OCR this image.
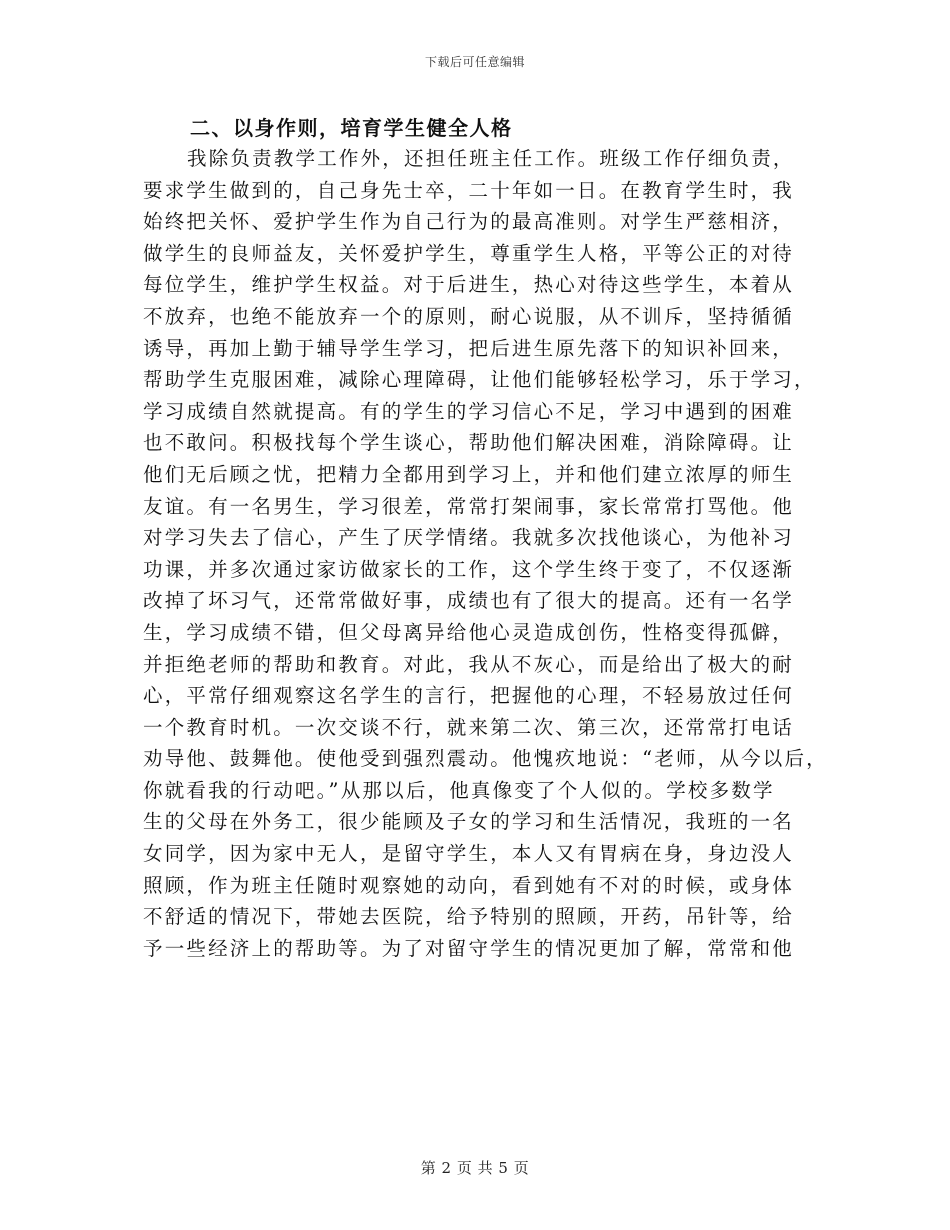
下载后可任意编辑
二、以身作则，培育学生健全人格
我除负责教学工作外，还担任班主任工作。班级工作仔细负责，
要求学生做到的，自己身先士卒，二十年如一日。在教育学生时，我
始终把关怀、爱护学生作为自己行为的最高准则。对学生严慈相济，
做学生的良师益友，关怀爱护学生，尊重学生人格，平等公正的对待
每位学生，维护学生权益。对于后进生，热心对待这些学生，本着从
不放弃，也绝不能放弃一个的原则，耐心说服，从不训斥，坚持循循
诱导，再加上勤于辅导学生学习，把后进生原先落下的知识补回来，
帮助学生克服困难，减除心理障碍，让他们能够轻松学习，乐于学习，
学习成绩自然就提高。有的学生的学习信心不足，学习中遇到的困难
也不敢问。积极找每个学生谈心，帮助他们解决困难，消除障碍。让
他们无后顾之忧，把精力全都用到学习上，并和他们建立浓厚的师生
友谊。有一名男生，学习很差，常常打架闹事，家长常常打骂他。他
对学习失去了信心，产生了厌学情绪。我就多次找他谈心，为他补习
功课，并多次通过家访做家长的工作，这个学生终于变了，不仅逐渐
改掉了坏习气，还常常做好事，成绩也有了很大的提高。还有一名学
生，学习成绩不错，但父母离异给他心灵造成创伤，性格变得孤僻，
并拒绝老师的帮助和教育。对此，我从不灰心，而是给出了极大的耐
心，平常仔细观察这名学生的言行，把握他的心理，不轻易放过任何
一个教育时机。一次交谈不行，就来第二次、第三次，还常常打电话
劝导他、鼓舞他。使他受到强烈震动。他愧疚地说：“老师，从今以后，
你就看我的行动吧。”从那以后，他真像变了个人似的。学校多数学
生的父母在外务工，很少能顾及子女的学习和生活情况，我班的一名
女同学，因为家中无人，是留守学生，本人又有胃病在身，身边没人
照顾，作为班主任随时观察她的动向，看到她有不对的时候，或身体
不舒适的情况下，带她去医院，给予特别的照顾，开药，吊针等，给
予一些经济上的帮助等。为了对留守学生的情况更加了解，常常和他
第 2 页 共 5 页
